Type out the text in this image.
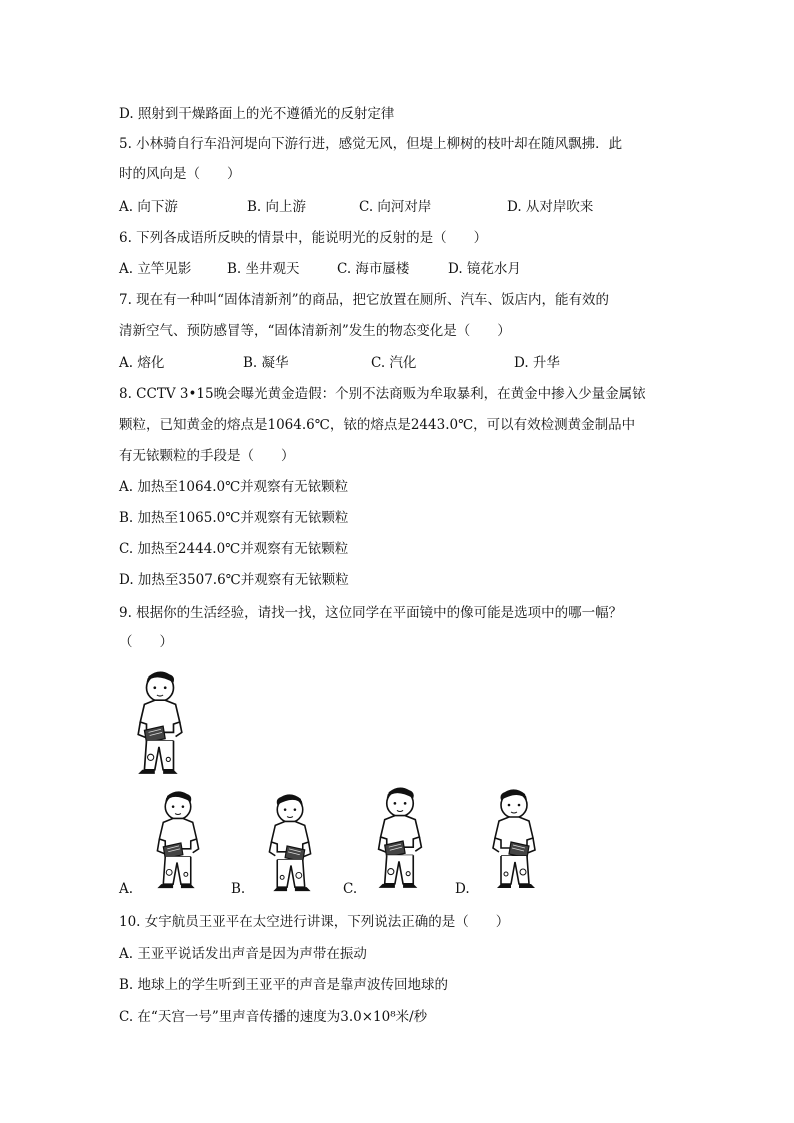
D. 照射到干燥路面上的光不遵循光的反射定律
5. 小林骑自行车沿河堤向下游行进，感觉无风，但堤上柳树的枝叶却在随风飘拂．此
时的风向是（　　）
A. 向下游	B. 向上游	C. 向河对岸	D. 从对岸吹来
6. 下列各成语所反映的情景中，能说明光的反射的是（　　）
A. 立竿见影	B. 坐井观天	C. 海市蜃楼	D. 镜花水月
7. 现在有一种叫“固体清新剂”的商品，把它放置在厕所、汽车、饭店内，能有效的
清新空气、预防感冒等，“固体清新剂”发生的物态变化是（　　）
A. 熔化	B. 凝华	C. 汽化	D. 升华
8. CCTV 3•15晚会曝光黄金造假：个别不法商贩为牟取暴利，在黄金中掺入少量金属铱
颗粒，已知黄金的熔点是1064.6℃，铱的熔点是2443.0℃，可以有效检测黄金制品中
有无铱颗粒的手段是（　　）
A. 加热至1064.0℃并观察有无铱颗粒
B. 加热至1065.0℃并观察有无铱颗粒
C. 加热至2444.0℃并观察有无铱颗粒
D. 加热至3507.6℃并观察有无铱颗粒
9. 根据你的生活经验，请找一找，这位同学在平面镜中的像可能是选项中的哪一幅？
（　　）
A.	B.	C.	D.
10. 女宇航员王亚平在太空进行讲课，下列说法正确的是（　　）
A. 王亚平说话发出声音是因为声带在振动
B. 地球上的学生听到王亚平的声音是靠声波传回地球的
C. 在“天宫一号”里声音传播的速度为3.0×10⁸米/秒
